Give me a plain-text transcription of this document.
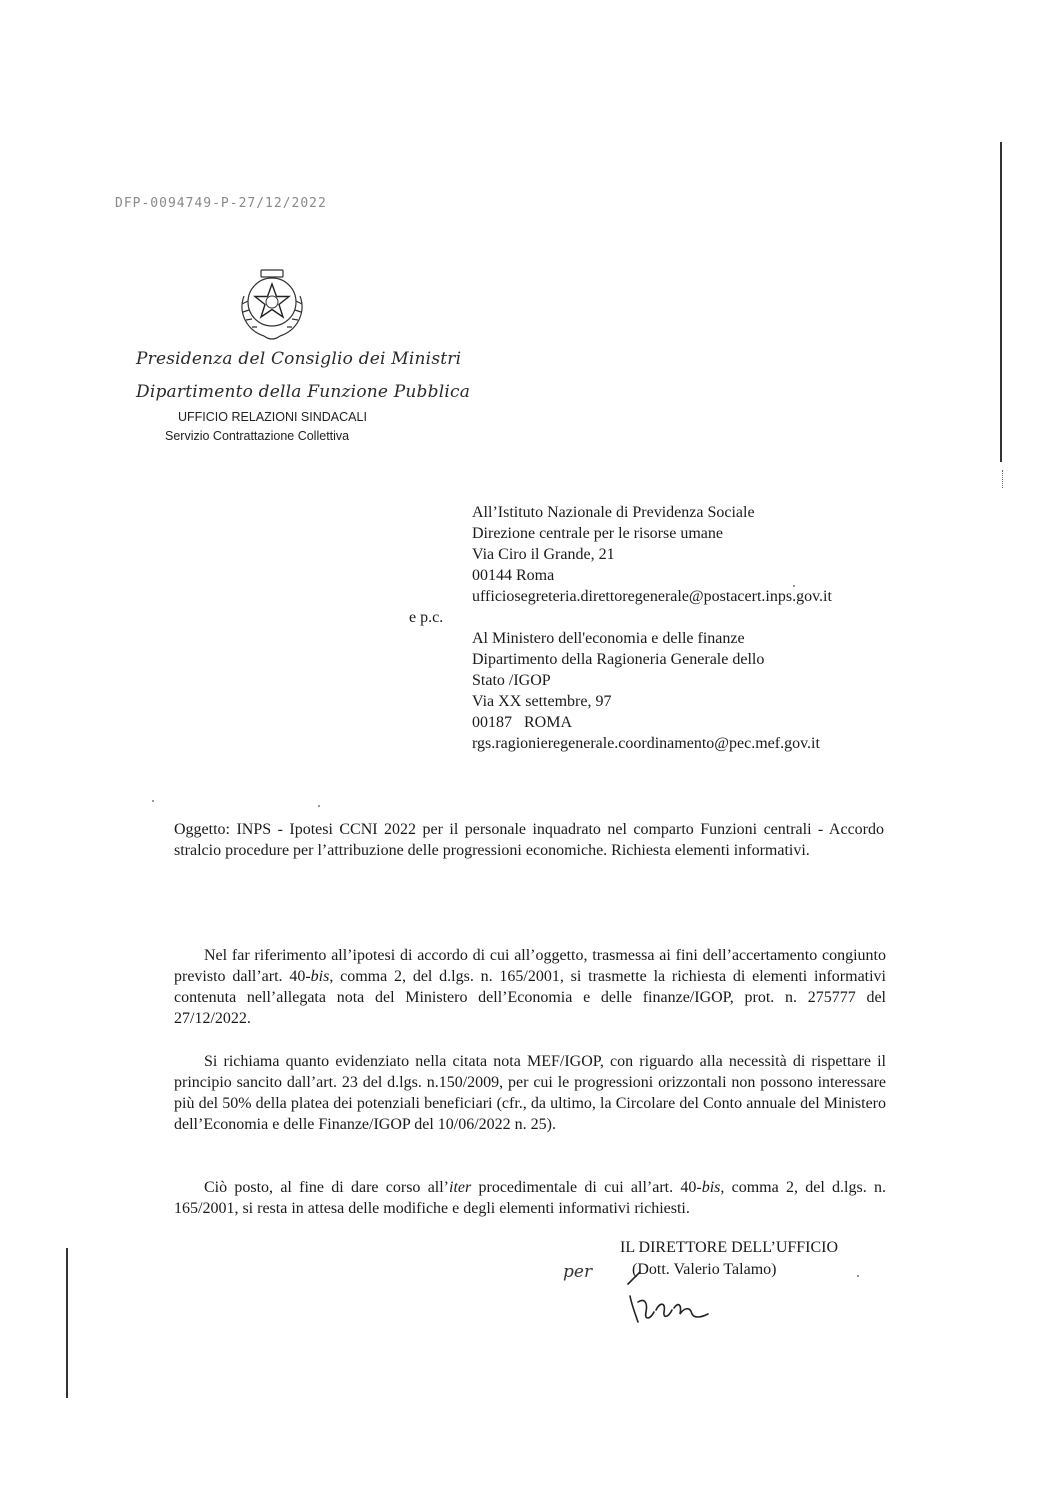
DFP-0094749-P-27/12/2022
Presidenza del Consiglio dei Ministri
Dipartimento della Funzione Pubblica
UFFICIO RELAZIONI SINDACALI
Servizio Contrattazione Collettiva
All’Istituto Nazionale di Previdenza Sociale
Direzione centrale per le risorse umane
Via Ciro il Grande, 21
00144 Roma
ufficiosegreteria.direttoregenerale@postacert.inps.gov.it
e p.c.
Al Ministero dell'economia e delle finanze
Dipartimento della Ragioneria Generale dello
Stato /IGOP
Via XX settembre, 97
00187   ROMA
rgs.ragionieregenerale.coordinamento@pec.mef.gov.it
Oggetto: INPS - Ipotesi CCNI 2022 per il personale inquadrato nel comparto Funzioni centrali - Accordo stralcio procedure per l’attribuzione delle progressioni economiche. Richiesta elementi informativi.

Nel far riferimento all’ipotesi di accordo di cui all’oggetto, trasmessa ai fini dell’accertamento congiunto previsto dall’art. 40-bis, comma 2, del d.lgs. n. 165/2001, si trasmette la richiesta di elementi informativi contenuta nell’allegata nota del Ministero dell’Economia e delle finanze/IGOP, prot. n. 275777 del 27/12/2022.

Si richiama quanto evidenziato nella citata nota MEF/IGOP, con riguardo alla necessità di rispettare il principio sancito dall’art. 23 del d.lgs. n.150/2009, per cui le progressioni orizzontali non possono interessare più del 50% della platea dei potenziali beneficiari (cfr., da ultimo, la Circolare del Conto annuale del Ministero dell’Economia e delle Finanze/IGOP del 10/06/2022 n. 25).

Ciò posto, al fine di dare corso all’iter procedimentale di cui all’art. 40-bis, comma 2, del d.lgs. n. 165/2001, si resta in attesa delle modifiche e degli elementi informativi richiesti.

IL DIRETTORE DELL’UFFICIO
(Dott. Valerio Talamo)
per
